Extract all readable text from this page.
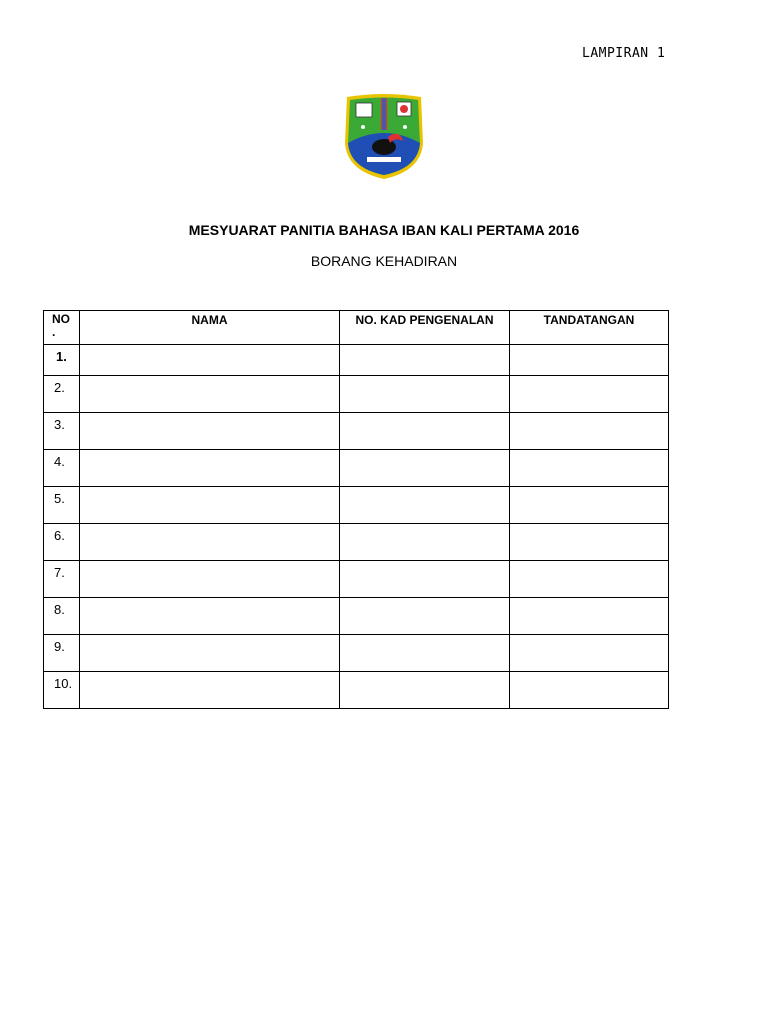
LAMPIRAN 1
MESYUARAT PANITIA BAHASA IBAN KALI PERTAMA 2016
BORANG KEHADIRAN
NO
.	NAMA	NO. KAD PENGENALAN	TANDATANGAN
1.			
2.			
3.			
4.			
5.			
6.			
7.			
8.			
9.			
10.			
